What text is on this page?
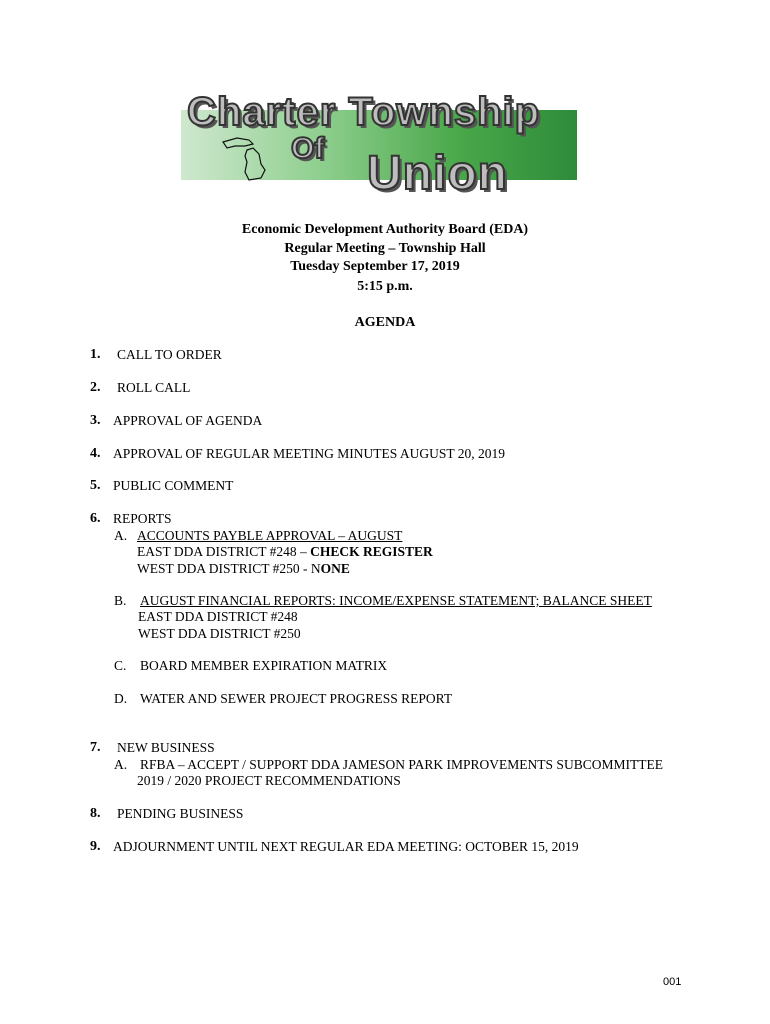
Charter Township
Of Union
Economic Development Authority Board (EDA)
Regular Meeting – Township Hall
Tuesday September 17, 2019
5:15 p.m.
AGENDA
1. CALL TO ORDER
2. ROLL CALL
3. APPROVAL OF AGENDA
4. APPROVAL OF REGULAR MEETING MINUTES AUGUST 20, 2019
5. PUBLIC COMMENT
6. REPORTS
A. ACCOUNTS PAYBLE APPROVAL – AUGUST
EAST DDA DISTRICT #248 – CHECK REGISTER
WEST DDA DISTRICT #250 - NONE
B. AUGUST FINANCIAL REPORTS: INCOME/EXPENSE STATEMENT; BALANCE SHEET
EAST DDA DISTRICT #248
WEST DDA DISTRICT #250
C. BOARD MEMBER EXPIRATION MATRIX
D. WATER AND SEWER PROJECT PROGRESS REPORT
7. NEW BUSINESS
A. RFBA – ACCEPT / SUPPORT DDA JAMESON PARK IMPROVEMENTS SUBCOMMITTEE
2019 / 2020 PROJECT RECOMMENDATIONS
8. PENDING BUSINESS
9. ADJOURNMENT UNTIL NEXT REGULAR EDA MEETING: OCTOBER 15, 2019
001
